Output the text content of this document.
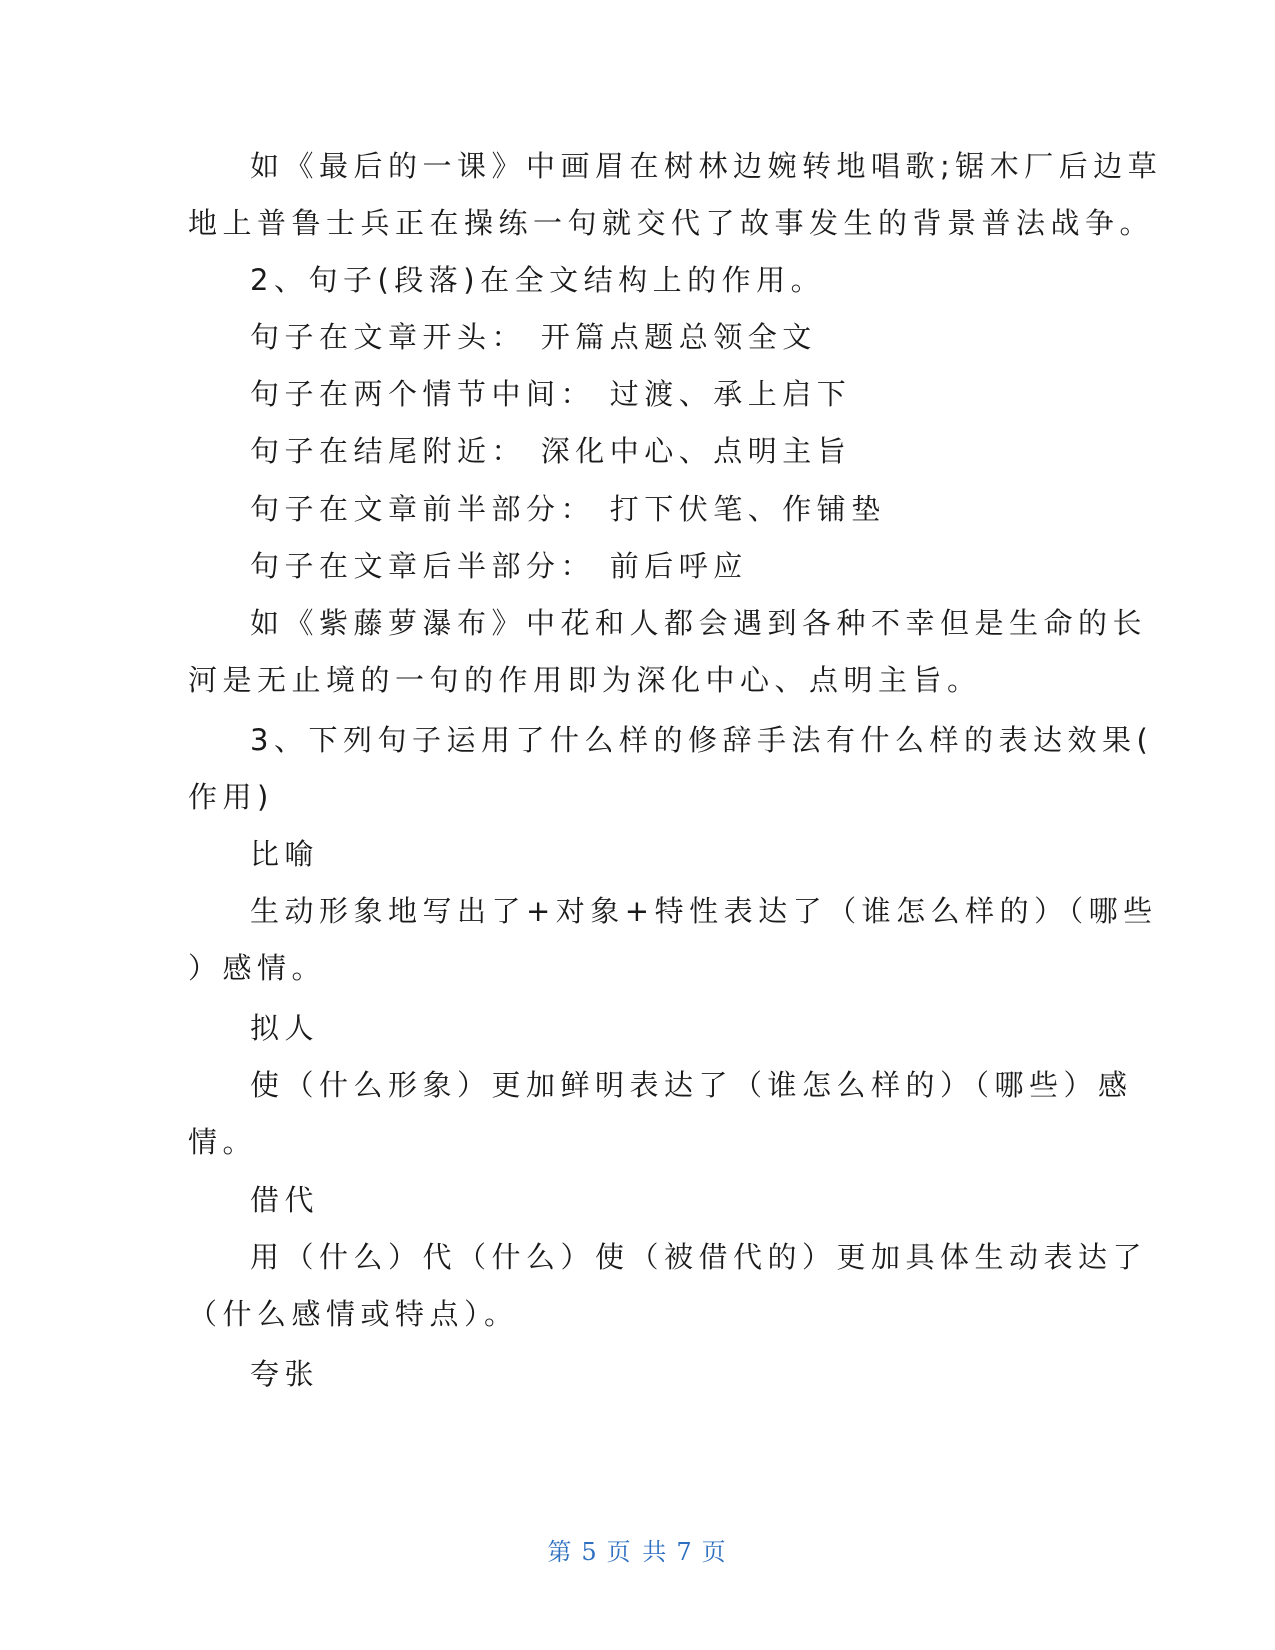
如《最后的一课》中画眉在树林边婉转地唱歌;锯木厂后边草
地上普鲁士兵正在操练一句就交代了故事发生的背景普法战争。
2、句子(段落)在全文结构上的作用。
句子在文章开头： 开篇点题总领全文
句子在两个情节中间： 过渡、承上启下
句子在结尾附近： 深化中心、点明主旨
句子在文章前半部分： 打下伏笔、作铺垫
句子在文章后半部分： 前后呼应
如《紫藤萝瀑布》中花和人都会遇到各种不幸但是生命的长
河是无止境的一句的作用即为深化中心、点明主旨。
3、下列句子运用了什么样的修辞手法有什么样的表达效果(
作用)
比喻
生动形象地写出了+对象+特性表达了（谁怎么样的）（哪些
）感情。
拟人
使（什么形象）更加鲜明表达了（谁怎么样的）（哪些）感
情。
借代
用（什么）代（什么）使（被借代的）更加具体生动表达了
（什么感情或特点）。
夸张
第 5 页 共 7 页
